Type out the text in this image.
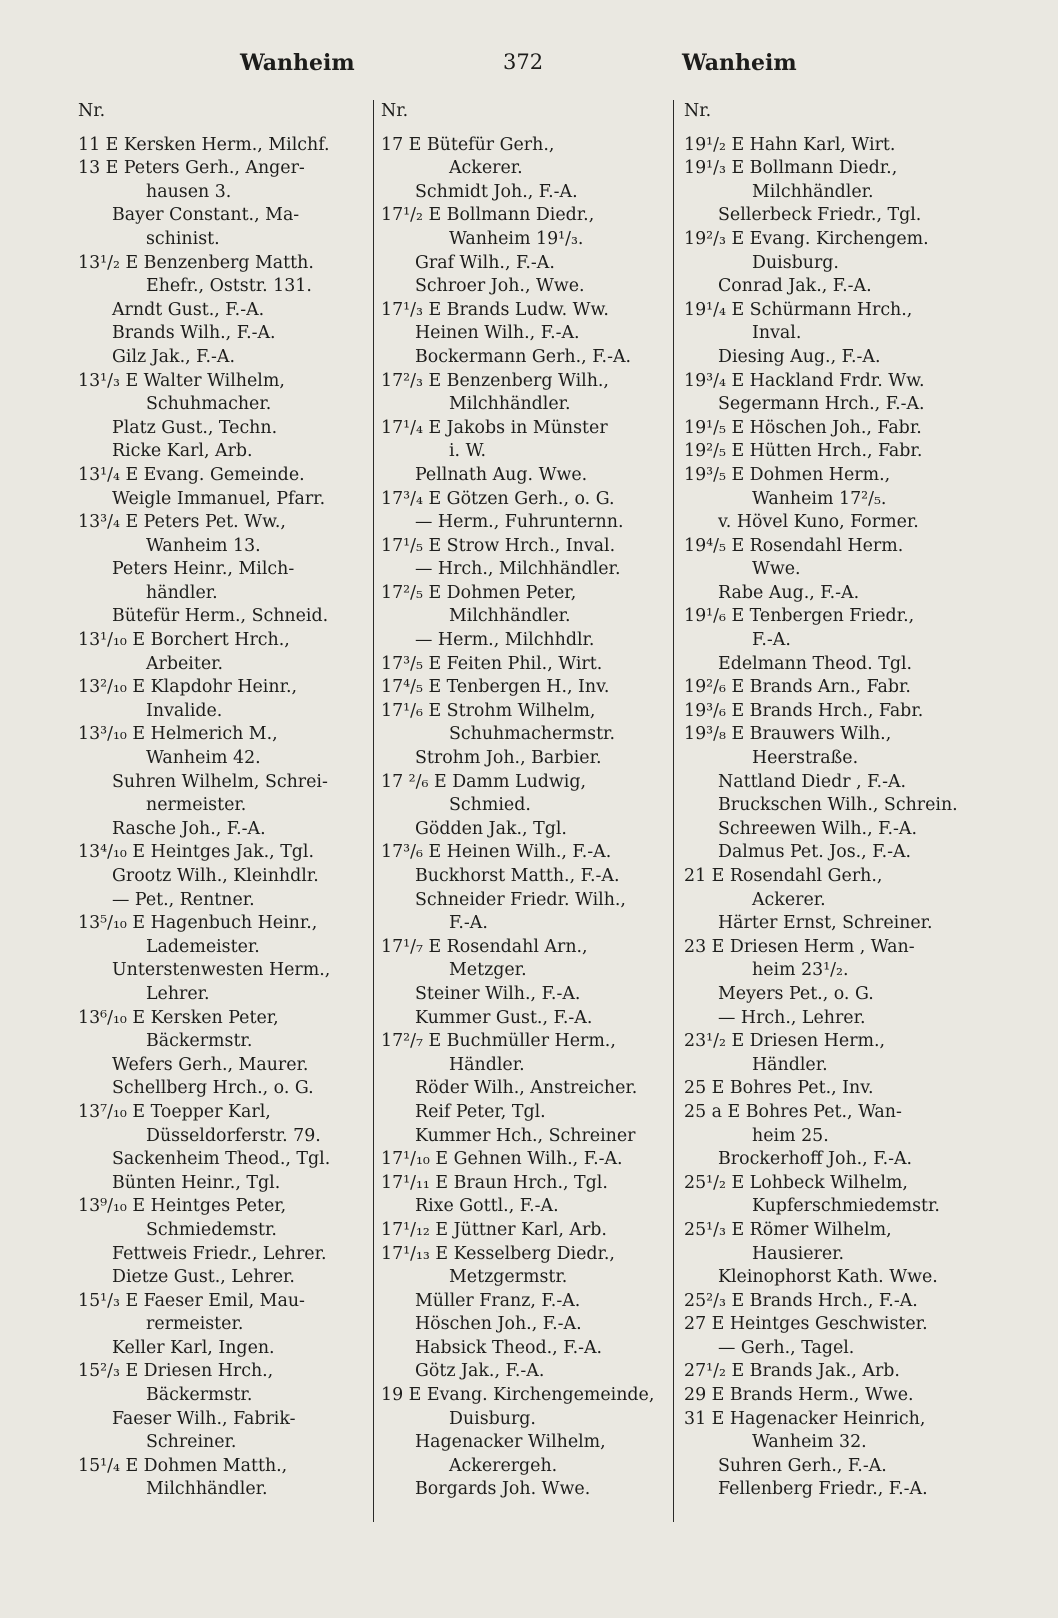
Wanheim	372	Wanheim
Nr.
11 E Kersken Herm., Milchf.
13 E Peters Gerh., Anger-
hausen 3.
Bayer Constant., Ma-
schinist.
13¹/₂ E Benzenberg Matth.
Ehefr., Oststr. 131.
Arndt Gust., F.-A.
Brands Wilh., F.-A.
Gilz Jak., F.-A.
13¹/₃ E Walter Wilhelm,
Schuhmacher.
Platz Gust., Techn.
Ricke Karl, Arb.
13¹/₄ E Evang. Gemeinde.
Weigle Immanuel, Pfarr.
13³/₄ E Peters Pet. Ww.,
Wanheim 13.
Peters Heinr., Milch-
händler.
Bütefür Herm., Schneid.
13¹/₁₀ E Borchert Hrch.,
Arbeiter.
13²/₁₀ E Klapdohr Heinr.,
Invalide.
13³/₁₀ E Helmerich M.,
Wanheim 42.
Suhren Wilhelm, Schrei-
nermeister.
Rasche Joh., F.-A.
13⁴/₁₀ E Heintges Jak., Tgl.
Grootz Wilh., Kleinhdlr.
— Pet., Rentner.
13⁵/₁₀ E Hagenbuch Heinr.,
Lademeister.
Unterstenwesten Herm.,
Lehrer.
13⁶/₁₀ E Kersken Peter,
Bäckermstr.
Wefers Gerh., Maurer.
Schellberg Hrch., o. G.
13⁷/₁₀ E Toepper Karl,
Düsseldorferstr. 79.
Sackenheim Theod., Tgl.
Bünten Heinr., Tgl.
13⁹/₁₀ E Heintges Peter,
Schmiedemstr.
Fettweis Friedr., Lehrer.
Dietze Gust., Lehrer.
15¹/₃ E Faeser Emil, Mau-
rermeister.
Keller Karl, Ingen.
15²/₃ E Driesen Hrch.,
Bäckermstr.
Faeser Wilh., Fabrik-
Schreiner.
15¹/₄ E Dohmen Matth.,
Milchhändler.
Nr.
17 E Bütefür Gerh.,
Ackerer.
Schmidt Joh., F.-A.
17¹/₂ E Bollmann Diedr.,
Wanheim 19¹/₃.
Graf Wilh., F.-A.
Schroer Joh., Wwe.
17¹/₃ E Brands Ludw. Ww.
Heinen Wilh., F.-A.
Bockermann Gerh., F.-A.
17²/₃ E Benzenberg Wilh.,
Milchhändler.
17¹/₄ E Jakobs in Münster
i. W.
Pellnath Aug. Wwe.
17³/₄ E Götzen Gerh., o. G.
— Herm., Fuhrunternn.
17¹/₅ E Strow Hrch., Inval.
— Hrch., Milchhändler.
17²/₅ E Dohmen Peter,
Milchhändler.
— Herm., Milchhdlr.
17³/₅ E Feiten Phil., Wirt.
17⁴/₅ E Tenbergen H., Inv.
17¹/₆ E Strohm Wilhelm,
Schuhmachermstr.
Strohm Joh., Barbier.
17 ²/₆ E Damm Ludwig,
Schmied.
Gödden Jak., Tgl.
17³/₆ E Heinen Wilh., F.-A.
Buckhorst Matth., F.-A.
Schneider Friedr. Wilh.,
F.-A.
17¹/₇ E Rosendahl Arn.,
Metzger.
Steiner Wilh., F.-A.
Kummer Gust., F.-A.
17²/₇ E Buchmüller Herm.,
Händler.
Röder Wilh., Anstreicher.
Reif Peter, Tgl.
Kummer Hch., Schreiner
17¹/₁₀ E Gehnen Wilh., F.-A.
17¹/₁₁ E Braun Hrch., Tgl.
Rixe Gottl., F.-A.
17¹/₁₂ E Jüttner Karl, Arb.
17¹/₁₃ E Kesselberg Diedr.,
Metzgermstr.
Müller Franz, F.-A.
Höschen Joh., F.-A.
Habsick Theod., F.-A.
Götz Jak., F.-A.
19 E Evang. Kirchengemeinde,
Duisburg.
Hagenacker Wilhelm,
Ackerergeh.
Borgards Joh. Wwe.
Nr.
19¹/₂ E Hahn Karl, Wirt.
19¹/₃ E Bollmann Diedr.,
Milchhändler.
Sellerbeck Friedr., Tgl.
19²/₃ E Evang. Kirchengem.
Duisburg.
Conrad Jak., F.-A.
19¹/₄ E Schürmann Hrch.,
Inval.
Diesing Aug., F.-A.
19³/₄ E Hackland Frdr. Ww.
Segermann Hrch., F.-A.
19¹/₅ E Höschen Joh., Fabr.
19²/₅ E Hütten Hrch., Fabr.
19³/₅ E Dohmen Herm.,
Wanheim 17²/₅.
v. Hövel Kuno, Former.
19⁴/₅ E Rosendahl Herm.
Wwe.
Rabe Aug., F.-A.
19¹/₆ E Tenbergen Friedr.,
F.-A.
Edelmann Theod. Tgl.
19²/₆ E Brands Arn., Fabr.
19³/₆ E Brands Hrch., Fabr.
19³/₈ E Brauwers Wilh.,
Heerstraße.
Nattland Diedr , F.-A.
Bruckschen Wilh., Schrein.
Schreewen Wilh., F.-A.
Dalmus Pet. Jos., F.-A.
21 E Rosendahl Gerh.,
Ackerer.
Härter Ernst, Schreiner.
23 E Driesen Herm , Wan-
heim 23¹/₂.
Meyers Pet., o. G.
— Hrch., Lehrer.
23¹/₂ E Driesen Herm.,
Händler.
25 E Bohres Pet., Inv.
25 a E Bohres Pet., Wan-
heim 25.
Brockerhoff Joh., F.-A.
25¹/₂ E Lohbeck Wilhelm,
Kupferschmiedemstr.
25¹/₃ E Römer Wilhelm,
Hausierer.
Kleinophorst Kath. Wwe.
25²/₃ E Brands Hrch., F.-A.
27 E Heintges Geschwister.
— Gerh., Tagel.
27¹/₂ E Brands Jak., Arb.
29 E Brands Herm., Wwe.
31 E Hagenacker Heinrich,
Wanheim 32.
Suhren Gerh., F.-A.
Fellenberg Friedr., F.-A.
